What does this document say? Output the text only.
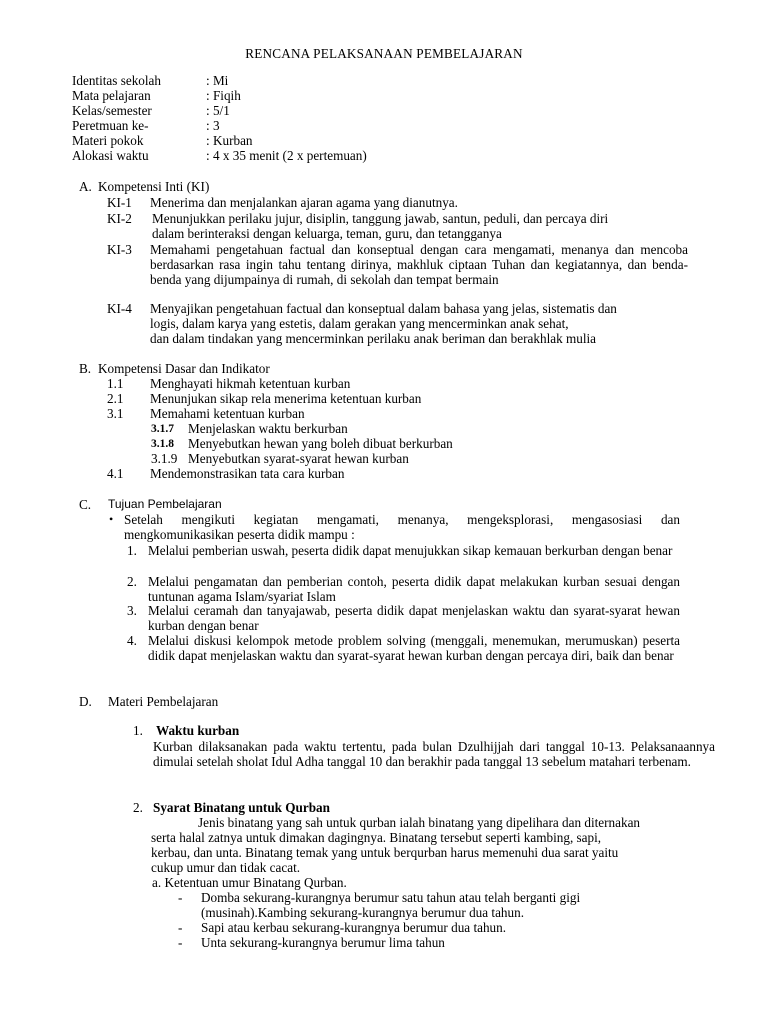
RENCANA PELAKSANAAN PEMBELAJARAN
Identitas sekolah	: Mi
Mata pelajaran	: Fiqih
Kelas/semester	: 5/1
Peretmuan ke-	: 3
Materi pokok	: Kurban
Alokasi waktu	: 4 x 35 menit (2 x pertemuan)
A. Kompetensi Inti (KI)
KI-1 Menerima dan menjalankan ajaran agama yang dianutnya.
KI-2 Menunjukkan perilaku jujur, disiplin, tanggung jawab, santun, peduli, dan percaya diri
dalam berinteraksi dengan keluarga, teman, guru, dan tetangganya
KI-3 Memahami pengetahuan factual dan konseptual dengan cara mengamati, menanya dan mencoba berdasarkan rasa ingin tahu tentang dirinya, makhluk ciptaan Tuhan dan kegiatannya, dan benda-benda yang dijumpainya di rumah, di sekolah dan tempat bermain
KI-4 Menyajikan pengetahuan factual dan konseptual dalam bahasa yang jelas, sistematis dan
logis, dalam karya yang estetis, dalam gerakan yang mencerminkan anak sehat,
dan dalam tindakan yang mencerminkan perilaku anak beriman dan berakhlak mulia
B. Kompetensi Dasar dan Indikator
1.1 Menghayati hikmah ketentuan kurban
2.1 Menunjukan sikap rela menerima ketentuan kurban
3.1 Memahami ketentuan kurban
3.1.7 Menjelaskan waktu berkurban
3.1.8 Menyebutkan hewan yang boleh dibuat berkurban
3.1.9 Menyebutkan syarat-syarat hewan kurban
4.1 Mendemonstrasikan tata cara kurban
C. Tujuan Pembelajaran
• Setelah mengikuti kegiatan mengamati, menanya, mengeksplorasi, mengasosiasi dan mengkomunikasikan peserta didik mampu :
1. Melalui pemberian uswah, peserta didik dapat menujukkan sikap kemauan berkurban dengan benar
2. Melalui pengamatan dan pemberian contoh, peserta didik dapat melakukan kurban sesuai dengan tuntunan agama Islam/syariat Islam
3. Melalui ceramah dan tanyajawab, peserta didik dapat menjelaskan waktu dan syarat-syarat hewan kurban dengan benar
4. Melalui diskusi kelompok metode problem solving (menggali, menemukan, merumuskan) peserta didik dapat menjelaskan waktu dan syarat-syarat hewan kurban dengan percaya diri, baik dan benar
D. Materi Pembelajaran
1. Waktu kurban
Kurban dilaksanakan pada waktu tertentu, pada bulan Dzulhijjah dari tanggal 10-13. Pelaksanaannya dimulai setelah sholat Idul Adha tanggal 10 dan berakhir pada tanggal 13 sebelum matahari terbenam.
2. Syarat Binatang untuk Qurban
Jenis binatang yang sah untuk qurban ialah binatang yang dipelihara dan diternakan
serta halal zatnya untuk dimakan dagingnya. Binatang tersebut seperti kambing, sapi,
kerbau, dan unta. Binatang temak yang untuk berqurban harus memenuhi dua sarat yaitu
cukup umur dan tidak cacat.
a. Ketentuan umur Binatang Qurban.
- Domba sekurang-kurangnya berumur satu tahun atau telah berganti gigi
(musinah).Kambing sekurang-kurangnya berumur dua tahun.
- Sapi atau kerbau sekurang-kurangnya berumur dua tahun.
- Unta sekurang-kurangnya berumur lima tahun
